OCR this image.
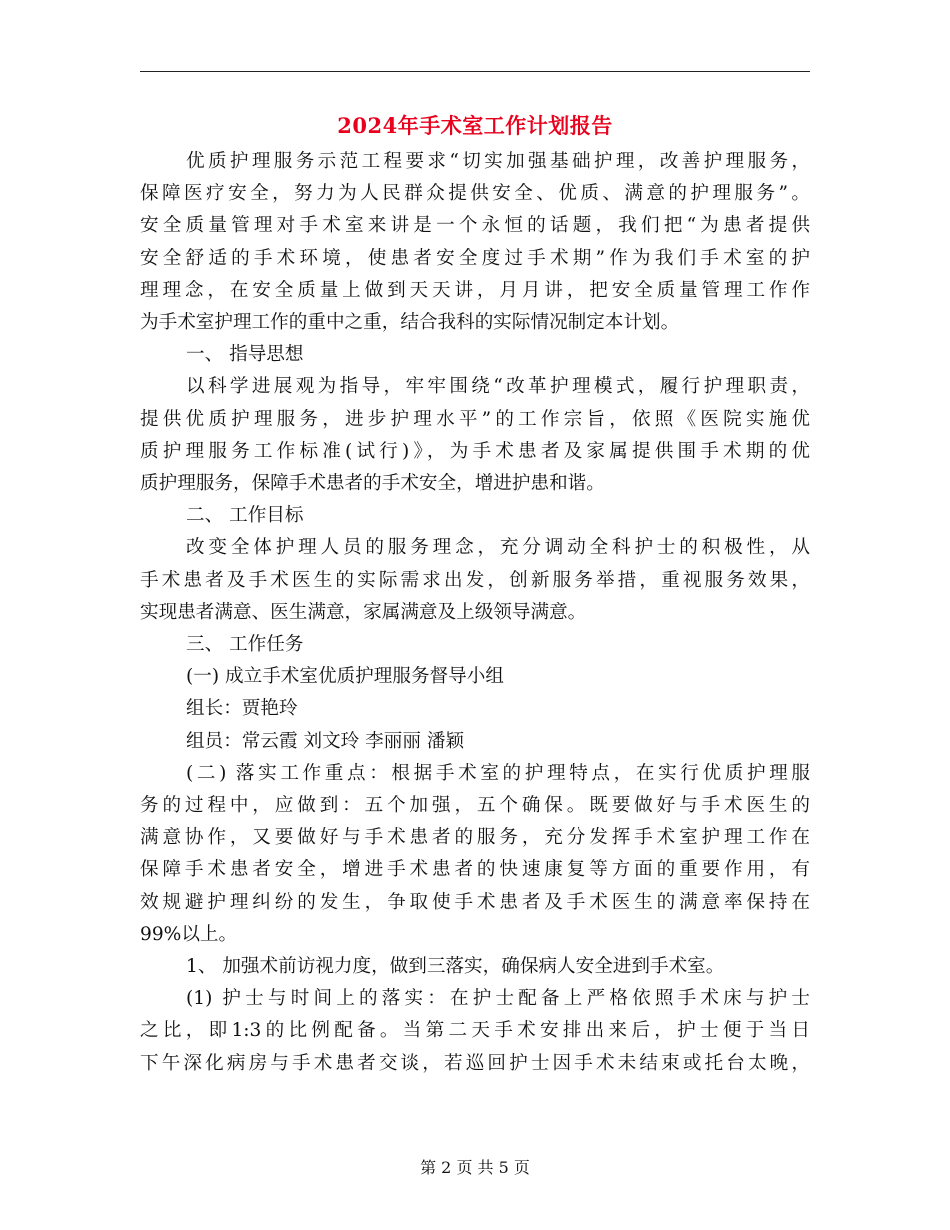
2024年手术室工作计划报告

优质护理服务示范工程要求“切实加强基础护理，改善护理服务，

保障医疗安全，努力为人民群众提供安全、优质、满意的护理服务”。

安全质量管理对手术室来讲是一个永恒的话题，我们把“为患者提供

安全舒适的手术环境，使患者安全度过手术期”作为我们手术室的护

理理念，在安全质量上做到天天讲，月月讲，把安全质量管理工作作

为手术室护理工作的重中之重，结合我科的实际情况制定本计划。

一、 指导思想

以科学进展观为指导，牢牢围绕“改革护理模式，履行护理职责，

提供优质护理服务，进步护理水平”的工作宗旨，依照《医院实施优

质护理服务工作标准(试行)》，为手术患者及家属提供围手术期的优

质护理服务，保障手术患者的手术安全，增进护患和谐。

二、 工作目标

改变全体护理人员的服务理念，充分调动全科护士的积极性，从

手术患者及手术医生的实际需求出发，创新服务举措，重视服务效果，

实现患者满意、医生满意，家属满意及上级领导满意。

三、 工作任务

(一) 成立手术室优质护理服务督导小组

组长：贾艳玲

组员：常云霞 刘文玲 李丽丽 潘颖

(二) 落实工作重点：根据手术室的护理特点，在实行优质护理服

务的过程中，应做到：五个加强，五个确保。既要做好与手术医生的

满意协作，又要做好与手术患者的服务，充分发挥手术室护理工作在

保障手术患者安全，增进手术患者的快速康复等方面的重要作用，有

效规避护理纠纷的发生，争取使手术患者及手术医生的满意率保持在

99%以上。

1、 加强术前访视力度，做到三落实，确保病人安全进到手术室。

(1) 护士与时间上的落实：在护士配备上严格依照手术床与护士

之比，即1:3的比例配备。当第二天手术安排出来后，护士便于当日

下午深化病房与手术患者交谈，若巡回护士因手术未结束或托台太晚，

第 2 页 共 5 页
